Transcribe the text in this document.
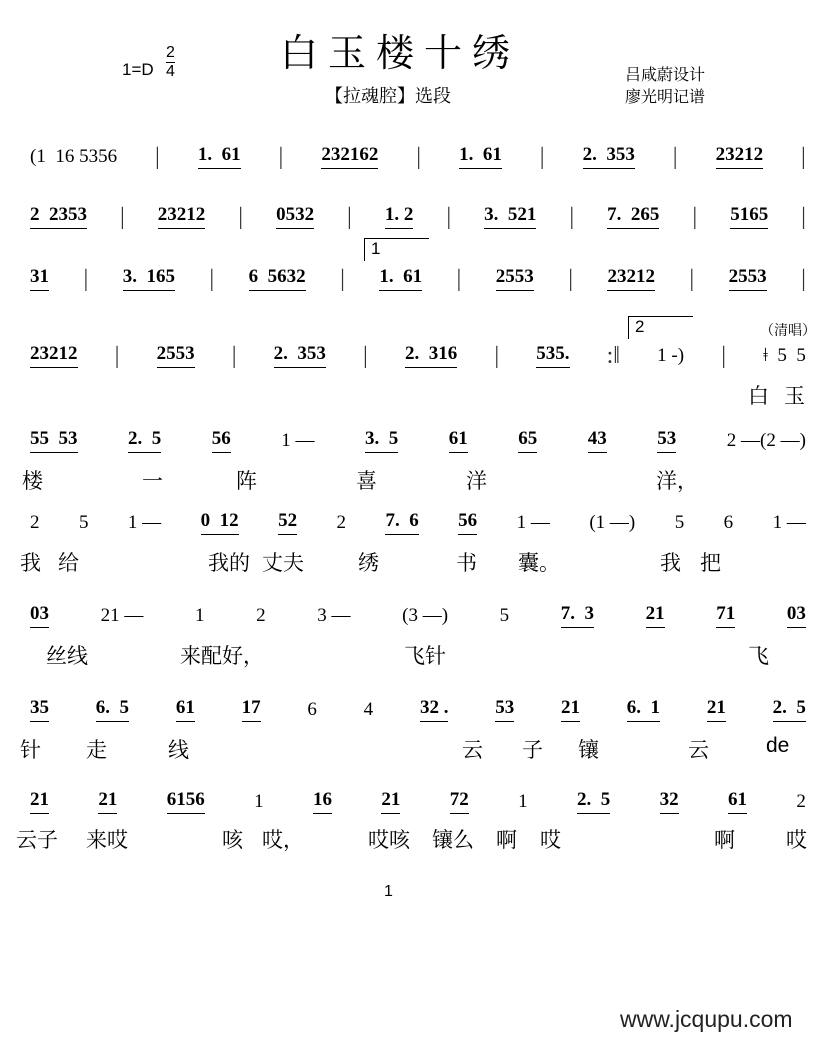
白玉楼十绣
1=D
2
4
【拉魂腔】选段
吕咸蔚设计
廖光明记谱
(1  16 5356 | 1.  61 | 232162 | 1.  61 | 2.  353 | 23212 |
2  2353 | 23212 | 0532 | 1. 2 | 3.  521 | 7.  265 | 5165 |
1
31 | 3.  165 | 6  5632 | 1.  61 | 2553 | 23212 | 2553 |
2	（清唱）
23212 | 2553 | 2.  353 | 2.  316 | 535. :‖ 1 -) | ǂ  5  5
白 玉
55  53	2.  5	56	1 —	3.  5	61	65	43	53	2 —(2 —)
楼	一	阵	喜	洋	洋，
2 5 1 — 0  12 52 2 7.  6 56 1 — (1 —) 5 6 1 —
我 给	我的 丈夫	绣	书 囊。	我 把
03	21 —	1	2	3 —	(3 —)	5	7.  3	21	71	03
丝线	来配好，	飞针	飞
35 6.  5 61 17 6 4 32 . 53 21 6.  1 21 2.  5
针 走	线	云 子 镶	云	de
21	21	6156	1	16	21	72	1	2.  5	32	61	2
云子 来哎	咳 哎，	哎咳 镶么 啊 哎	啊 哎
1
www.jcqupu.com
